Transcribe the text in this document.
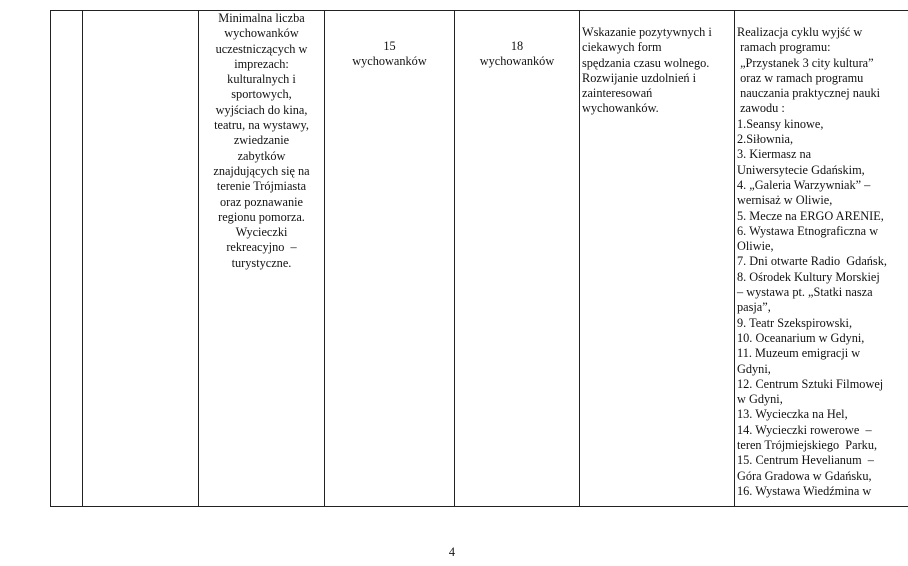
Minimalna liczba
wychowanków
uczestniczących w
imprezach:
kulturalnych i
sportowych,
wyjściach do kina,
teatru, na wystawy,
zwiedzanie
zabytków
znajdujących się na
terenie Trójmiasta
oraz poznawanie
regionu pomorza.
Wycieczki
rekreacyjno  –
turystyczne.

15
wychowanków

18
wychowanków

Wskazanie pozytywnych i
ciekawych form
spędzania czasu wolnego.
Rozwijanie uzdolnień i
zainteresowań
wychowanków.

Realizacja cyklu wyjść w
ramach programu:
„Przystanek 3 city kultura”
oraz w ramach programu
nauczania praktycznej nauki
zawodu :
1.Seansy kinowe,
2.Siłownia,
3. Kiermasz na
Uniwersytecie Gdańskim,
4. „Galeria Warzywniak” –
wernisaż w Oliwie,
5. Mecze na ERGO ARENIE,
6. Wystawa Etnograficzna w
Oliwie,
7. Dni otwarte Radio  Gdańsk,
8. Ośrodek Kultury Morskiej
– wystawa pt. „Statki nasza
pasja”,
9. Teatr Szekspirowski,
10. Oceanarium w Gdyni,
11. Muzeum emigracji w
Gdyni,
12. Centrum Sztuki Filmowej
w Gdyni,
13. Wycieczka na Hel,
14. Wycieczki rowerowe  –
teren Trójmiejskiego  Parku,
15. Centrum Hevelianum  –
Góra Gradowa w Gdańsku,
16. Wystawa Wiedźmina w
4
